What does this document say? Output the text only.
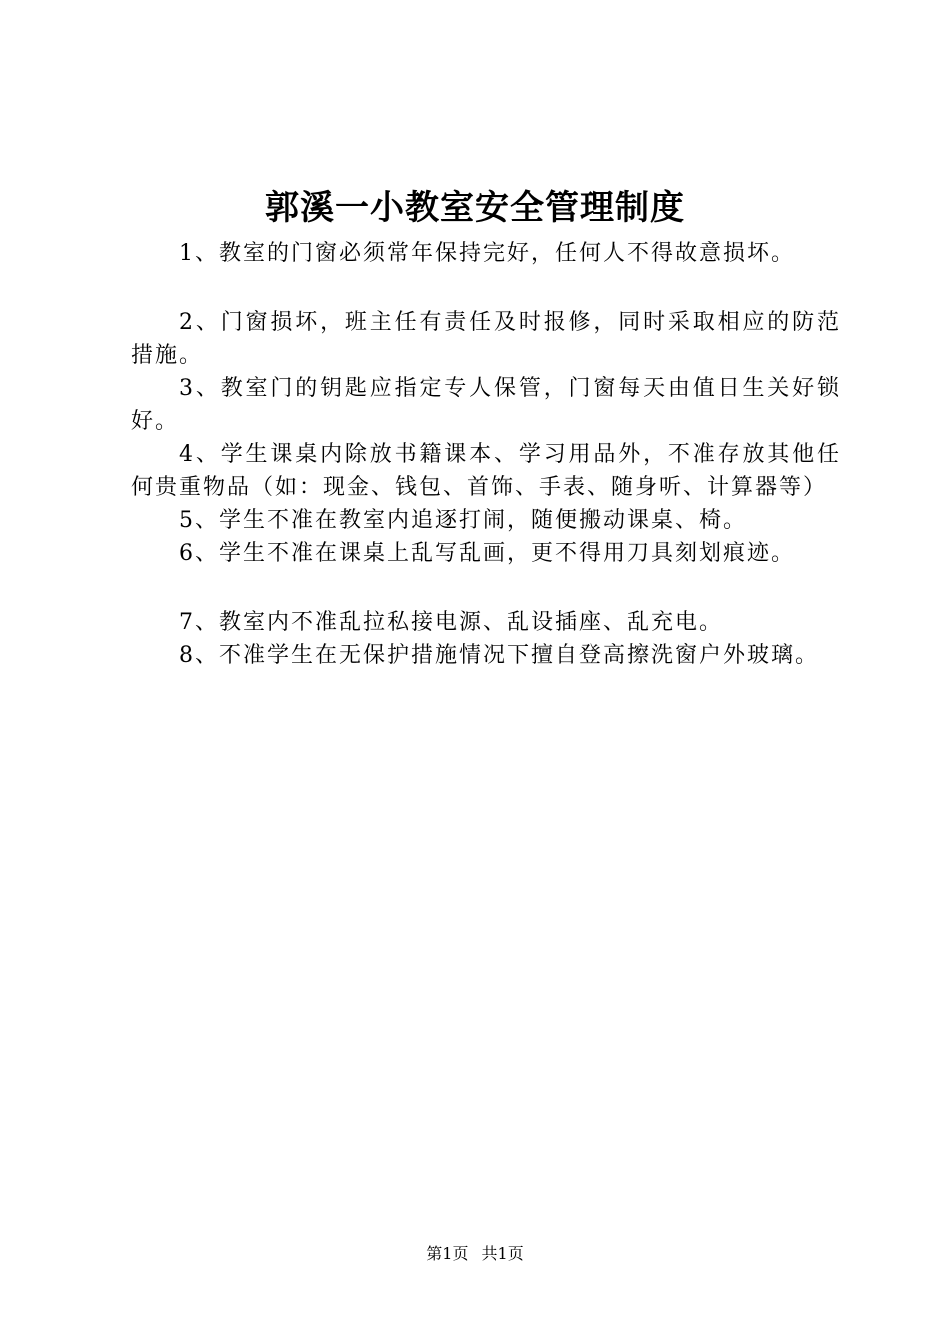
郭溪一小教室安全管理制度

1、教室的门窗必须常年保持完好，任何人不得故意损坏。

2、门窗损坏，班主任有责任及时报修，同时采取相应的防范措施。

3、教室门的钥匙应指定专人保管，门窗每天由值日生关好锁好。

4、学生课桌内除放书籍课本、学习用品外，不准存放其他任何贵重物品（如：现金、钱包、首饰、手表、随身听、计算器等）

5、学生不准在教室内追逐打闹，随便搬动课桌、椅。

6、学生不准在课桌上乱写乱画，更不得用刀具刻划痕迹。

7、教室内不准乱拉私接电源、乱设插座、乱充电。

8、不准学生在无保护措施情况下擅自登高擦洗窗户外玻璃。

第1页 共1页
